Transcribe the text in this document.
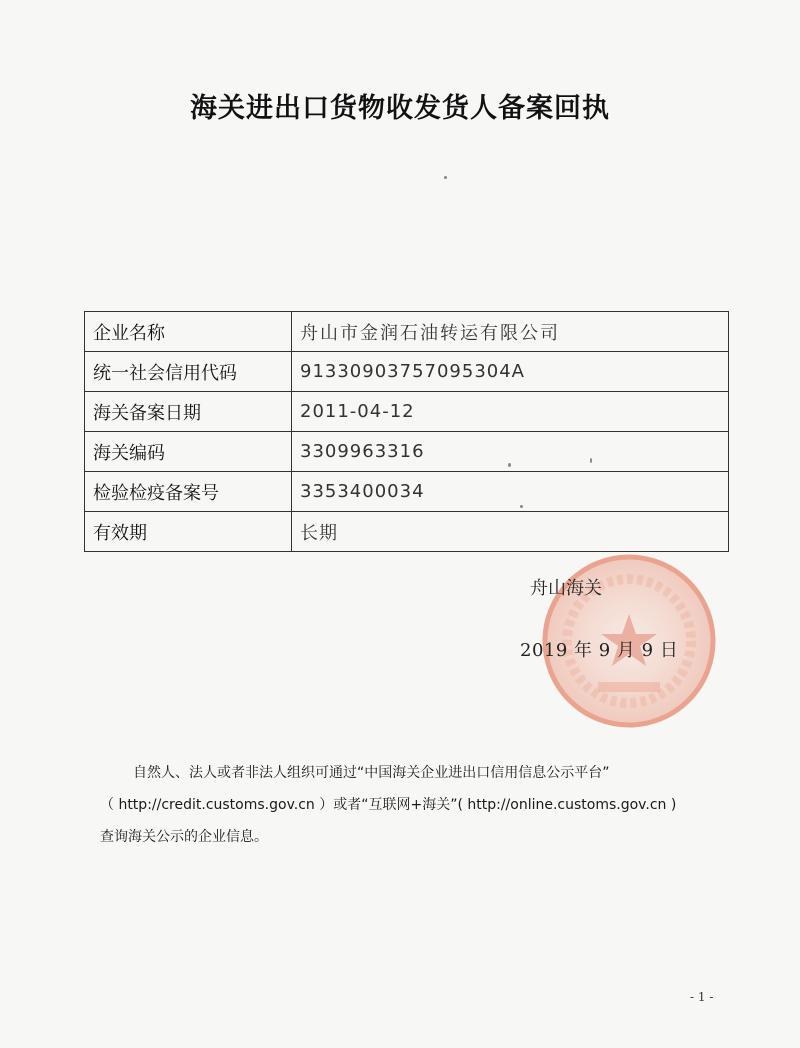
海关进出口货物收发货人备案回执
企业名称	舟山市金润石油转运有限公司
统一社会信用代码	91330903757095304A
海关备案日期	2011-04-12
海关编码	3309963316
检验检疫备案号	3353400034
有效期	长期
舟山海关
2019 年 9 月 9 日
自然人、法人或者非法人组织可通过“中国海关企业进出口信用信息公示平台”
（ http://credit.customs.gov.cn ）或者“互联网+海关”( http://online.customs.gov.cn )
查询海关公示的企业信息。
- 1 -
